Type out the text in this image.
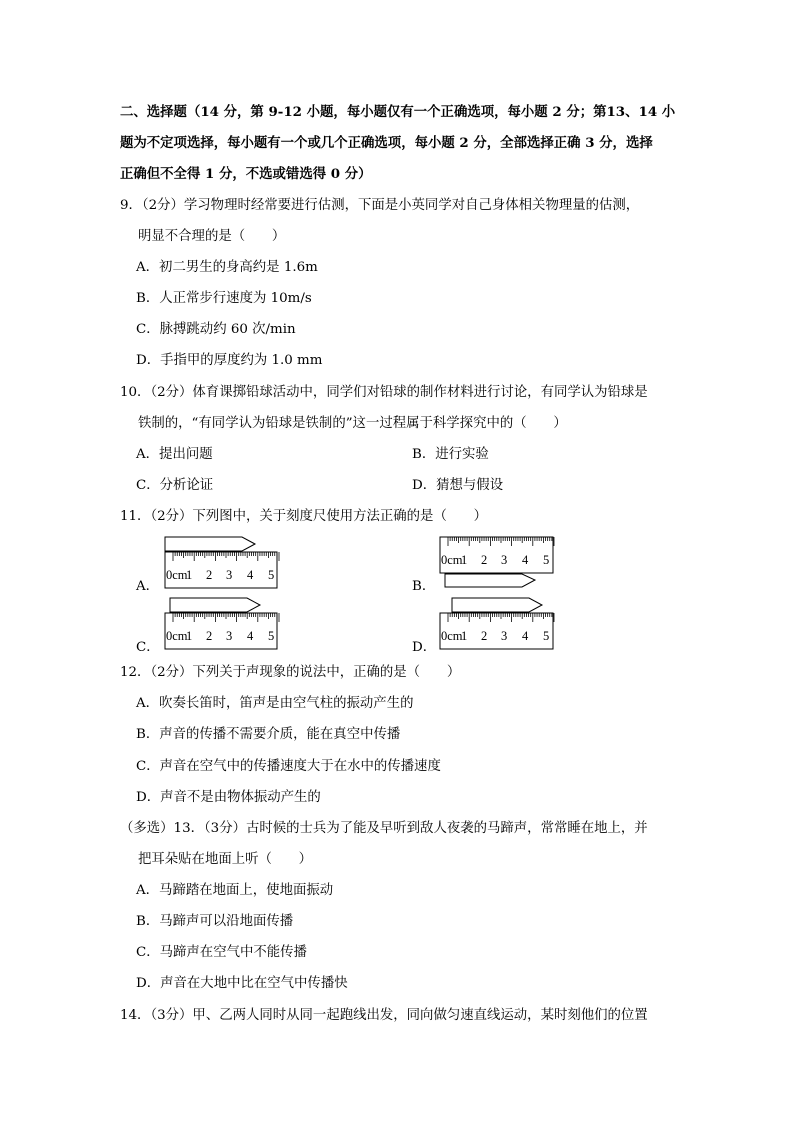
二、选择题（14 分，第 9-12 小题，每小题仅有一个正确选项，每小题 2 分；第13、14 小
题为不定项选择，每小题有一个或几个正确选项，每小题 2 分，全部选择正确 3 分，选择
正确但不全得 1 分，不选或错选得 0 分）
9．（2分）学习物理时经常要进行估测，下面是小英同学对自己身体相关物理量的估测，
明显不合理的是（　　）
A．初二男生的身高约是 1.6m
B．人正常步行速度为 10m/s
C．脉搏跳动约 60 次/min
D．手指甲的厚度约为 1.0 mm
10．（2分）体育课掷铅球活动中，同学们对铅球的制作材料进行讨论，有同学认为铅球是
铁制的，“有同学认为铅球是铁制的”这一过程属于科学探究中的（　　）
A．提出问题	B．进行实验
C．分析论证	D．猜想与假设
11．（2分）下列图中，关于刻度尺使用方法正确的是（　　）
A．	B．
C．	D．
0cm
1 2 3 4 5
0cm
1 2 3 4 5
0cm
1 2 3 4 5	0cm
1 2 3 4 5
12．（2分）下列关于声现象的说法中，正确的是（　　）
A．吹奏长笛时，笛声是由空气柱的振动产生的
B．声音的传播不需要介质，能在真空中传播
C．声音在空气中的传播速度大于在水中的传播速度
D．声音不是由物体振动产生的
（多选）13．（3分）古时候的士兵为了能及早听到敌人夜袭的马蹄声，常常睡在地上，并
把耳朵贴在地面上听（　　）
A．马蹄踏在地面上，使地面振动
B．马蹄声可以沿地面传播
C．马蹄声在空气中不能传播
D．声音在大地中比在空气中传播快
14．（3分）甲、乙两人同时从同一起跑线出发，同向做匀速直线运动，某时刻他们的位置
